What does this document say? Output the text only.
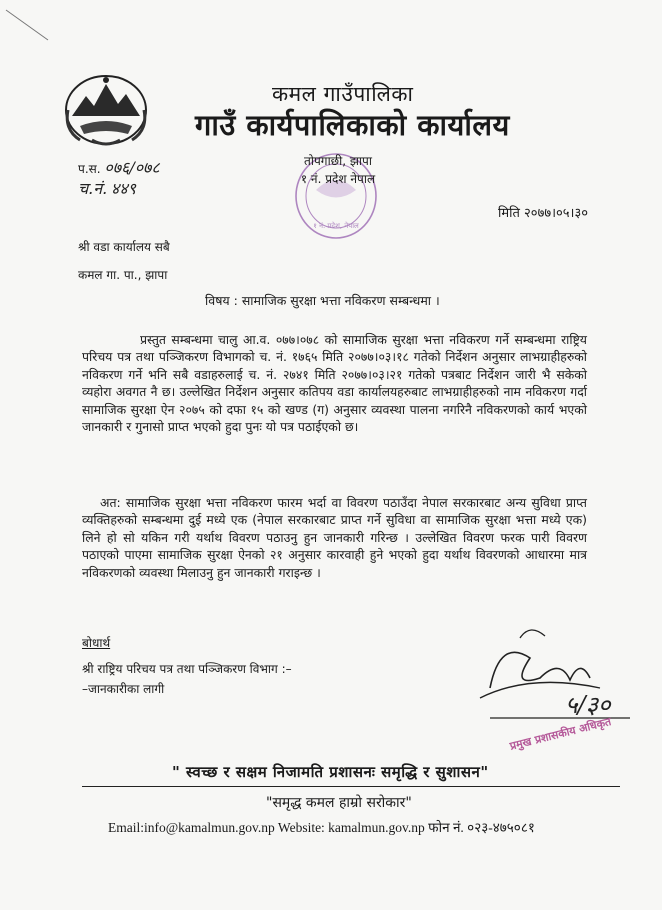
कमल गाउँपालिका
गाउँ कार्यपालिकाको कार्यालय
१ नं. प्रदेश, नेपाल
तोपगाछी, झापा
१ नं. प्रदेश नेपाल
प.स. ०७६/०७८
च.नं. ४४९
मिति २०७७।०५।३०
श्री वडा कार्यालय सबै
कमल गा. पा., झापा
विषय : सामाजिक सुरक्षा भत्ता नविकरण सम्बन्धमा ।
प्रस्तुत सम्बन्धमा चालु आ.व. ०७७।०७८ को सामाजिक सुरक्षा भत्ता नविकरण गर्ने सम्बन्धमा राष्ट्रिय परिचय पत्र तथा पञ्जिकरण विभागको च. नं. १७६५ मिति २०७७।०३।१८ गतेको निर्देशन अनुसार लाभग्राहीहरुको नविकरण गर्ने भनि सबै वडाहरुलाई च. नं. २७४१ मिति २०७७।०३।२१ गतेको पत्रबाट निर्देशन जारी भै सकेको व्यहोरा अवगत नै छ। उल्लेखित निर्देशन अनुसार कतिपय वडा कार्यालयहरुबाट लाभग्राहीहरुको नाम नविकरण गर्दा सामाजिक सुरक्षा ऐन २०७५ को दफा १५ को खण्ड (ग) अनुसार व्यवस्था पालना नगरिनै नविकरणको कार्य भएको जानकारी र गुनासो प्राप्त भएको हुदा पुनः यो पत्र पठाईएको छ।
अत: सामाजिक सुरक्षा भत्ता नविकरण फारम भर्दा वा विवरण पठाउँदा नेपाल सरकारबाट अन्य सुविधा प्राप्त व्यक्तिहरुको सम्बन्धमा दुई मध्ये एक (नेपाल सरकारबाट प्राप्त गर्ने सुविधा वा सामाजिक सुरक्षा भत्ता मध्ये एक) लिने हो सो यकिन गरी यर्थाथ विवरण पठाउनु हुन जानकारी गरिन्छ । उल्लेखित विवरण फरक पारी विवरण पठाएको पाएमा सामाजिक सुरक्षा ऐनको २१ अनुसार कारवाही हुने भएको हुदा यर्थाथ विवरणको आधारमा मात्र नविकरणको व्यवस्था मिलाउनु हुन जानकारी गराइन्छ ।
बोधार्थ
श्री राष्ट्रिय परिचय पत्र तथा पञ्जिकरण विभाग :–
–जानकारीका लागी
५/३०
प्रमुख प्रशासकीय अधिकृत
" स्वच्छ र सक्षम निजामति प्रशासनः समृद्धि र सुशासन"
"समृद्ध कमल हाम्रो सरोकार"
Email:info@kamalmun.gov.np Website: kamalmun.gov.np फोन नं. ०२३-४७५०८१
